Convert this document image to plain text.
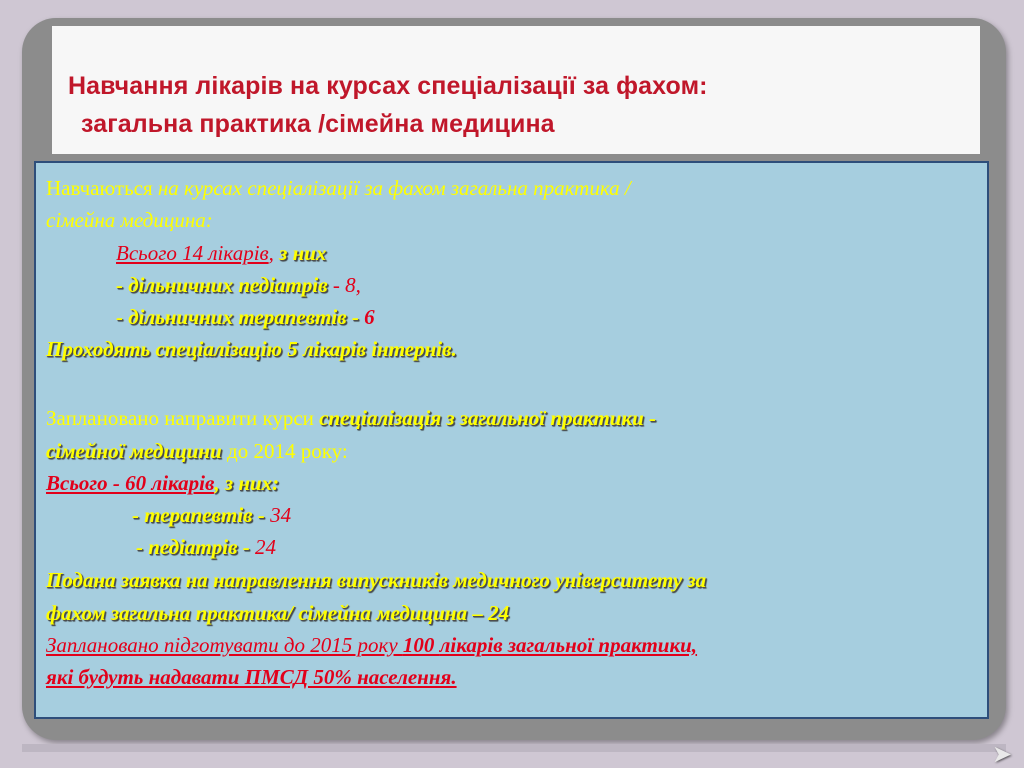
Навчання лікарів на курсах спеціалізації за фахом:
загальна практика /сімейна медицина
Навчаються на курсах спеціалізації за фахом загальна практика /
сімейна медицина:
Всього 14 лікарів, з них
- дільничних педіатрів - 8,
- дільничних терапевтів - 6
Проходять спеціалізацію 5 лікарів інтернів.
Заплановано направити курси спеціалізація з загальної практики -
сімейної медицини до 2014 року:
Всього - 60 лікарів, з них:
- терапевтів - 34
- педіатрів - 24
Подана заявка на направлення випускників медичного університету за
фахом загальна практика/ сімейна медицина – 24
Заплановано підготувати до 2015 року 100 лікарів загальної практики,
які будуть надавати ПМСД 50% населення.
➤
